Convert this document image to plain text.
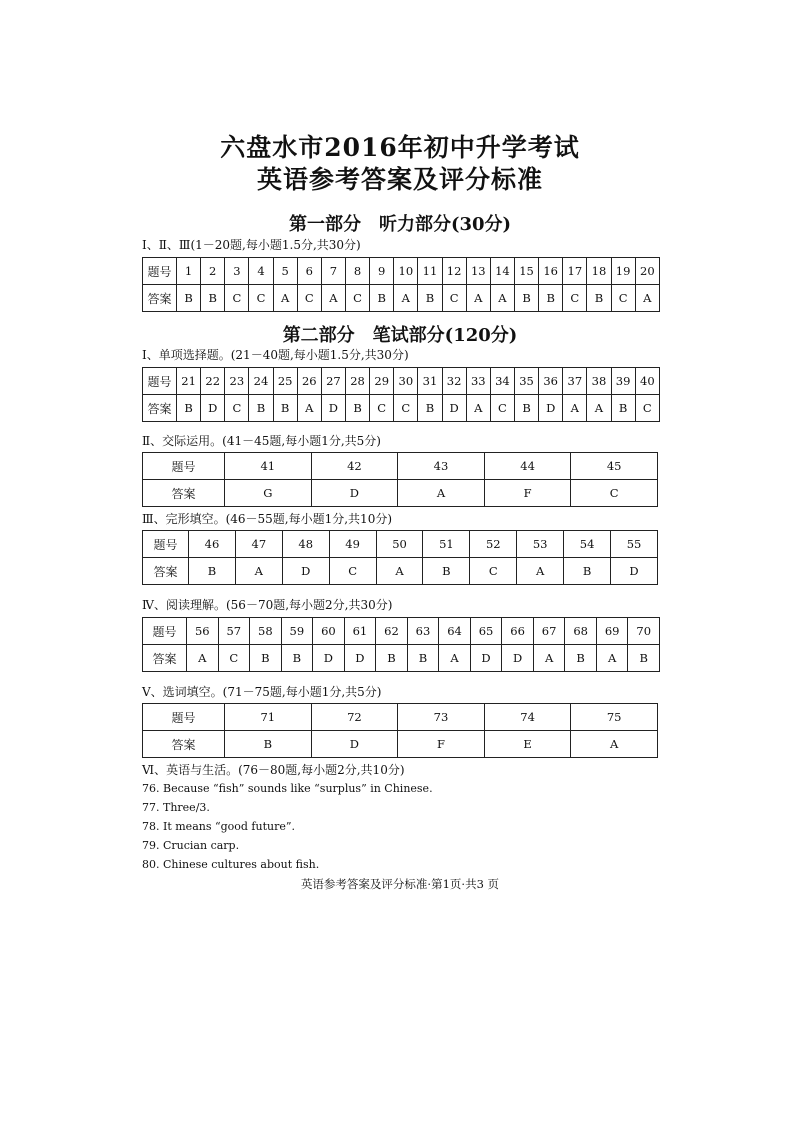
六盘水市2016年初中升学考试
英语参考答案及评分标准
第一部分　听力部分(30分)
Ⅰ、Ⅱ、Ⅲ(1－20题,每小题1.5分,共30分)
题号	1	2	3	4	5	6	7	8	9	10	11	12	13	14	15	16	17	18	19	20
答案	B	B	C	C	A	C	A	C	B	A	B	C	A	A	B	B	C	B	C	A
第二部分　笔试部分(120分)
Ⅰ、单项选择题。(21－40题,每小题1.5分,共30分)
题号	21	22	23	24	25	26	27	28	29	30	31	32	33	34	35	36	37	38	39	40
答案	B	D	C	B	B	A	D	B	C	C	B	D	A	C	B	D	A	A	B	C
Ⅱ、交际运用。(41－45题,每小题1分,共5分)
题号	41	42	43	44	45
答案	G	D	A	F	C
Ⅲ、完形填空。(46－55题,每小题1分,共10分)
题号	46	47	48	49	50	51	52	53	54	55
答案	B	A	D	C	A	B	C	A	B	D
Ⅳ、阅读理解。(56－70题,每小题2分,共30分)
题号	56	57	58	59	60	61	62	63	64	65	66	67	68	69	70
答案	A	C	B	B	D	D	B	B	A	D	D	A	B	A	B
Ⅴ、选词填空。(71－75题,每小题1分,共5分)
题号	71	72	73	74	75
答案	B	D	F	E	A
Ⅵ、英语与生活。(76－80题,每小题2分,共10分)
76. Because “fish” sounds like “surplus” in Chinese.
77. Three/3.
78. It means “good future”.
79. Crucian carp.
80. Chinese cultures about fish.
英语参考答案及评分标准·第1页·共3 页
